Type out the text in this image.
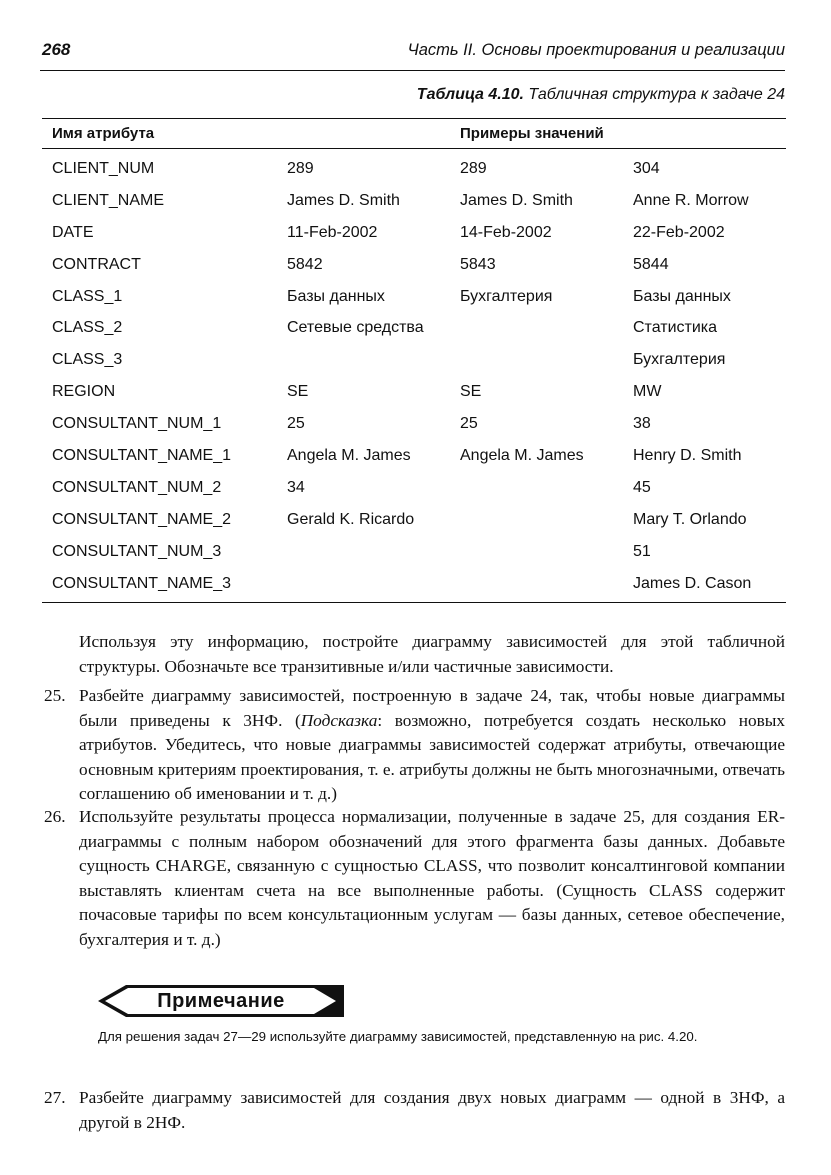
268	Часть II. Основы проектирования и реализации
Таблица 4.10. Табличная структура к задаче 24
Имя атрибута		Примеры значений	
CLIENT_NUM	289	289	304
CLIENT_NAME	James D. Smith	James D. Smith	Anne R. Morrow
DATE	11-Feb-2002	14-Feb-2002	22-Feb-2002
CONTRACT	5842	5843	5844
CLASS_1	Базы данных	Бухгалтерия	Базы данных
CLASS_2	Сетевые средства		Статистика
CLASS_3			Бухгалтерия
REGION	SE	SE	MW
CONSULTANT_NUM_1	25	25	38
CONSULTANT_NAME_1	Angela M. James	Angela M. James	Henry D. Smith
CONSULTANT_NUM_2	34		45
CONSULTANT_NAME_2	Gerald K. Ricardo		Mary T. Orlando
CONSULTANT_NUM_3			51
CONSULTANT_NAME_3			James D. Cason
Используя эту информацию, постройте диаграмму зависимостей для этой табличной структуры. Обозначьте все транзитивные и/или частичные зависимости.
25. Разбейте диаграмму зависимостей, построенную в задаче 24, так, чтобы новые диаграммы были приведены к 3НФ. (Подсказка: возможно, потребуется создать несколько новых атрибутов. Убедитесь, что новые диаграммы зависимостей содержат атрибуты, отвечающие основным критериям проектирования, т. е. атрибуты должны не быть многозначными, отвечать соглашению об именовании и т. д.)
26. Используйте результаты процесса нормализации, полученные в задаче 25, для создания ER-диаграммы с полным набором обозначений для этого фрагмента базы данных. Добавьте сущность CHARGE, связанную с сущностью CLASS, что позволит консалтинговой компании выставлять клиентам счета на все выполненные работы. (Сущность CLASS содержит почасовые тарифы по всем консультационным услугам — базы данных, сетевое обеспечение, бухгалтерия и т. д.)
Примечание
Для решения задач 27—29 используйте диаграмму зависимостей, представленную на рис. 4.20.
27. Разбейте диаграмму зависимостей для создания двух новых диаграмм — одной в 3НФ, а другой в 2НФ.
